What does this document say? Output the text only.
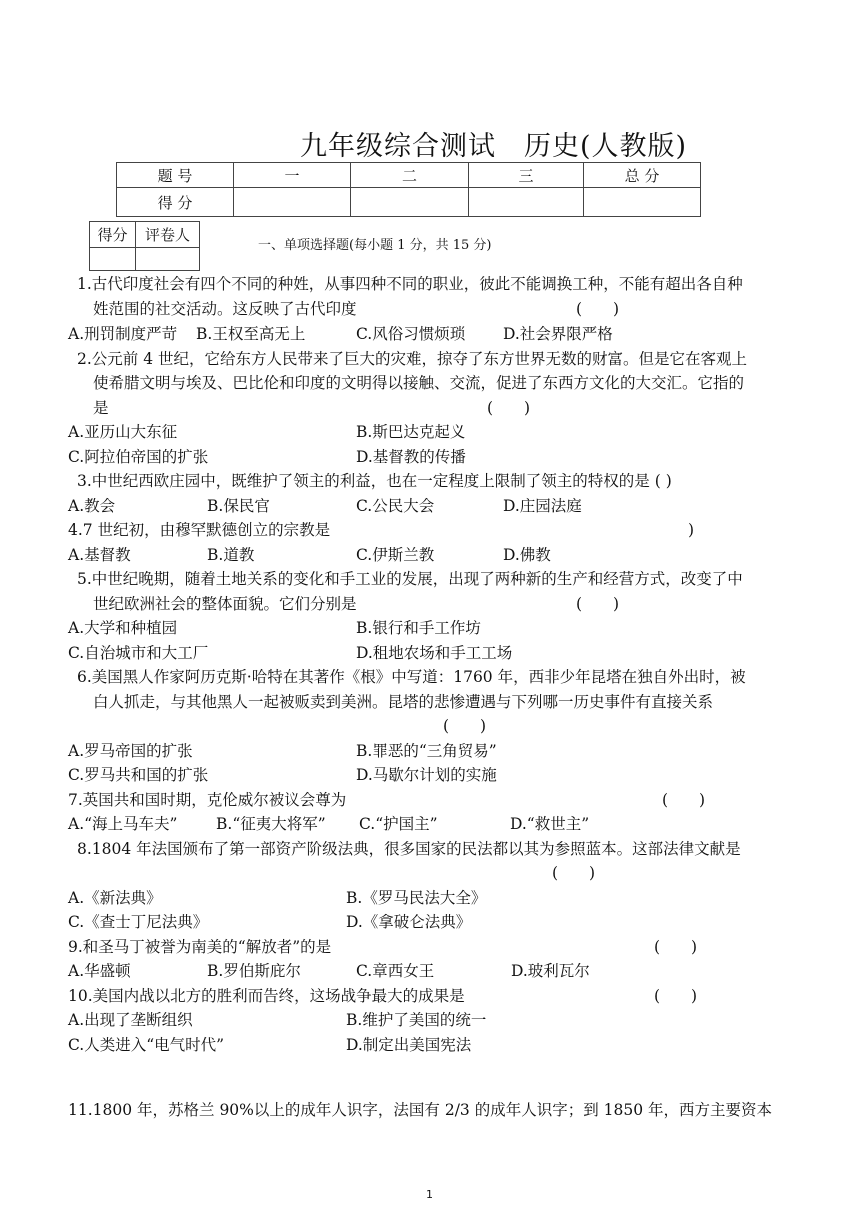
九年级综合测试　历史(人教版)
题 号	一	二	三	总 分
得 分				
得分	评卷人

一、单项选择题(每小题 1 分，共 15 分)
1.古代印度社会有四个不同的种姓，从事四种不同的职业，彼此不能调换工种，不能有超出各自种
姓范围的社交活动。这反映了古代印度	(　　)
A.刑罚制度严苛 B.王权至高无上	C.风俗习惯烦琐 D.社会界限严格
2.公元前 4 世纪，它给东方人民带来了巨大的灾难，掠夺了东方世界无数的财富。但是它在客观上
使希腊文明与埃及、巴比伦和印度的文明得以接触、交流，促进了东西方文化的大交汇。它指的
是	(　　)
A.亚历山大东征	B.斯巴达克起义
C.阿拉伯帝国的扩张	D.基督教的传播
3.中世纪西欧庄园中，既维护了领主的利益，也在一定程度上限制了领主的特权的是 ( )
A.教会	B.保民官	C.公民大会	D.庄园法庭
4.7 世纪初，由穆罕默德创立的宗教是	)
A.基督教	B.道教	C.伊斯兰教	D.佛教
5.中世纪晚期，随着土地关系的变化和手工业的发展，出现了两种新的生产和经营方式，改变了中
世纪欧洲社会的整体面貌。它们分别是	(　　)
A.大学和种植园	B.银行和手工作坊
C.自治城市和大工厂	D.租地农场和手工工场
6.美国黑人作家阿历克斯·哈特在其著作《根》中写道：1760 年，西非少年昆塔在独自外出时，被
白人抓走，与其他黑人一起被贩卖到美洲。昆塔的悲惨遭遇与下列哪一历史事件有直接关系
(　　)
A.罗马帝国的扩张	B.罪恶的“三角贸易”
C.罗马共和国的扩张	D.马歇尔计划的实施
7.英国共和国时期，克伦威尔被议会尊为	(　　)
A.“海上马车夫” B.“征夷大将军” C.“护国主”	D.“救世主”
8.1804 年法国颁布了第一部资产阶级法典，很多国家的民法都以其为参照蓝本。这部法律文献是
(　　)
A.《新法典》	B.《罗马民法大全》
C.《查士丁尼法典》	D.《拿破仑法典》
9.和圣马丁被誉为南美的“解放者”的是	(　　)
A.华盛顿	B.罗伯斯庇尔	C.章西女王	D.玻利瓦尔
10.美国内战以北方的胜利而告终，这场战争最大的成果是	(　　)
A.出现了垄断组织	B.维护了美国的统一
C.人类进入“电气时代”	D.制定出美国宪法
11.1800 年，苏格兰 90%以上的成年人识字，法国有 2/3 的成年人识字；到 1850 年，西方主要资本
1
